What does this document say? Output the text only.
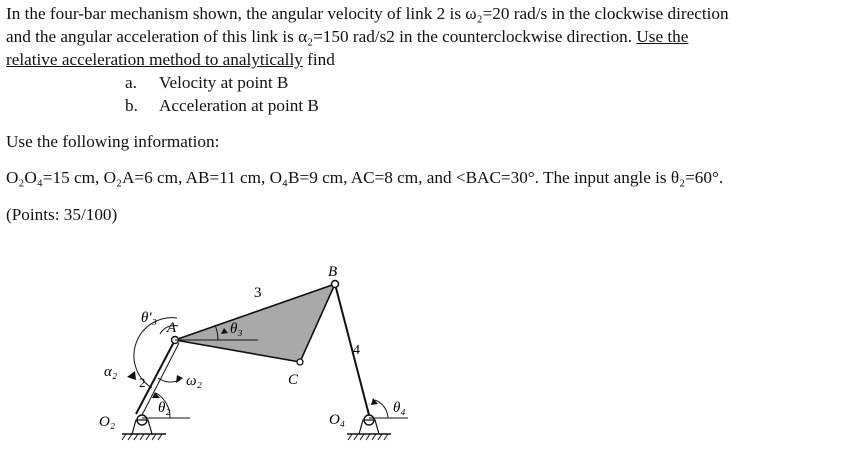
In the four-bar mechanism shown, the angular velocity of link 2 is ω₂=20 rad/s in the clockwise direction
and the angular acceleration of this link is α₂=150 rad/s2 in the counterclockwise direction. Use the
relative acceleration method to analytically find
a. Velocity at point B
b. Acceleration at point B
Use the following information:
O₂O₄=15 cm, O₂A=6 cm, AB=11 cm, O₄B=9 cm, AC=8 cm, and <BAC=30°. The input angle is θ₂=60°.
(Points: 35/100)
B
3
A
θ′₃
θ₃
4
C
α₂
ω₂
2
θ₂
O₂	O₄
θ₄
